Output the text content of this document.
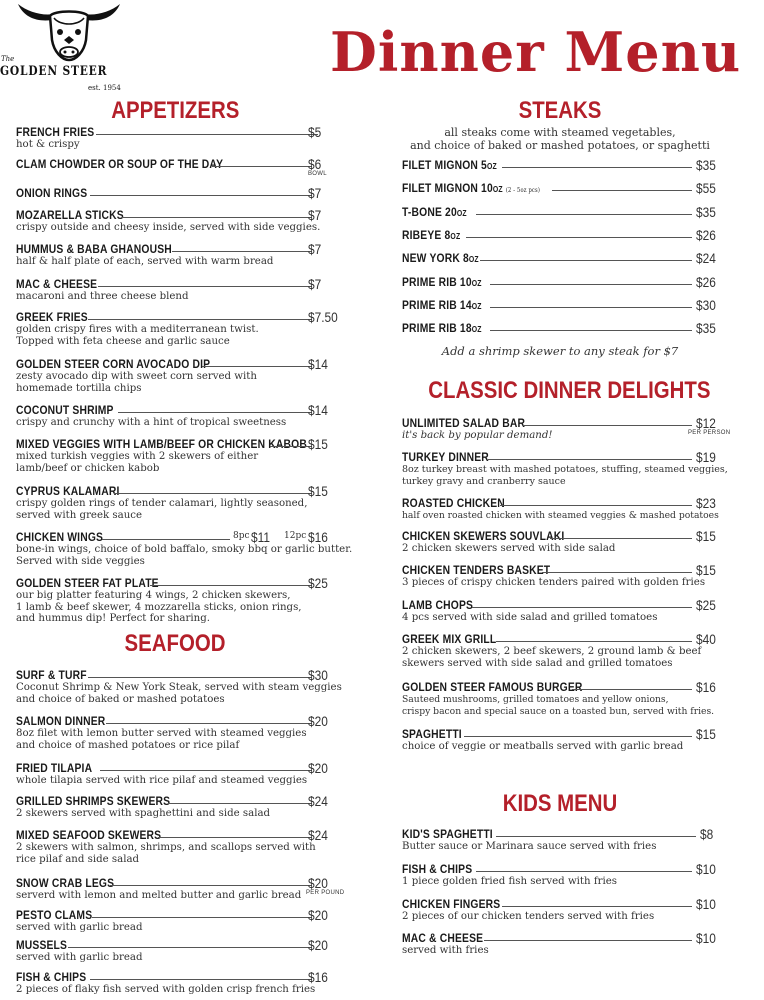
The
GOLDEN STEER
est. 1954
Dinner Menu
APPETIZERS
SEAFOOD
STEAKS
CLASSIC DINNER DELIGHTS
KIDS MENU
all steaks come with steamed vegetables,
and choice of baked or mashed potatoes, or spaghetti
Add a shrimp skewer to any steak for $7
FRENCH FRIES	$5
hot & crispy
CLAM CHOWDER OR SOUP OF THE DAY	$6
BOWL
ONION RINGS	$7
MOZARELLA STICKS	$7
crispy outside and cheesy inside, served with side veggies.
HUMMUS & BABA GHANOUSH	$7
half & half plate of each, served with warm bread
MAC & CHEESE	$7
macaroni and three cheese blend
GREEK FRIES	$7.50
golden crispy fires with a mediterranean twist.
Topped with feta cheese and garlic sauce
GOLDEN STEER CORN AVOCADO DIP	$14
zesty avocado dip with sweet corn served with
homemade tortilla chips
COCONUT SHRIMP	$14
crispy and crunchy with a hint of tropical sweetness
MIXED VEGGIES WITH LAMB/BEEF OR CHICKEN KABOB $15
mixed turkish veggies with 2 skewers of either
lamb/beef or chicken kabob
CYPRUS KALAMARI	$15
crispy golden rings of tender calamari, lightly seasoned,
served with greek sauce
CHICKEN WINGS	8pc $11 12pc $16
bone-in wings, choice of bold baffalo, smoky bbq or garlic butter.
Served with side veggies
GOLDEN STEER FAT PLATE	$25
our big platter featuring 4 wings, 2 chicken skewers,
1 lamb & beef skewer, 4 mozzarella sticks, onion rings,
and hummus dip! Perfect for sharing.
SURF & TURF	$30
Coconut Shrimp & New York Steak, served with steam veggies
and choice of baked or mashed potatoes
SALMON DINNER	$20
8oz filet with lemon butter served with steamed veggies
and choice of mashed potatoes or rice pilaf
FRIED TILAPIA	$20
whole tilapia served with rice pilaf and steamed veggies
GRILLED SHRIMPS SKEWERS	$24
2 skewers served with spaghettini and side salad
MIXED SEAFOOD SKEWERS	$24
2 skewers with salmon, shrimps, and scallops served with
rice pilaf and side salad
SNOW CRAB LEGS	$20
PER POUND
serverd with lemon and melted butter and garlic bread
PESTO CLAMS	$20
served with garlic bread
MUSSELS	$20
served with garlic bread
FISH & CHIPS	$16
2 pieces of flaky fish served with golden crisp french fries
FILET MIGNON 5OZ	$35
FILET MIGNON 10OZ (2 - 5oz pcs)	$55
T-BONE 20OZ	$35
RIBEYE 8OZ	$26
NEW YORK 8OZ	$24
PRIME RIB 10OZ	$26
PRIME RIB 14OZ	$30
PRIME RIB 18OZ	$35
UNLIMITED SALAD BAR	$12
PER PERSON
it's back by popular demand!
TURKEY DINNER	$19
8oz turkey breast with mashed potatoes, stuffing, steamed veggies,
turkey gravy and cranberry sauce
ROASTED CHICKEN	$23
half oven roasted chicken with steamed veggies & mashed potatoes
CHICKEN SKEWERS SOUVLAKI	$15
2 chicken skewers served with side salad
CHICKEN TENDERS BASKET	$15
3 pieces of crispy chicken tenders paired with golden fries
LAMB CHOPS	$25
4 pcs served with side salad and grilled tomatoes
GREEK MIX GRILL	$40
2 chicken skewers, 2 beef skewers, 2 ground lamb & beef
skewers served with side salad and grilled tomatoes
GOLDEN STEER FAMOUS BURGER	$16
Sauteed mushrooms, grilled tomatoes and yellow onions,
crispy bacon and special sauce on a toasted bun, served with fries.
SPAGHETTI	$15
choice of veggie or meatballs served with garlic bread
KID'S SPAGHETTI	$8
Butter sauce or Marinara sauce served with fries
FISH & CHIPS	$10
1 piece golden fried fish served with fries
CHICKEN FINGERS	$10
2 pieces of our chicken tenders served with fries
MAC & CHEESE	$10
served with fries
